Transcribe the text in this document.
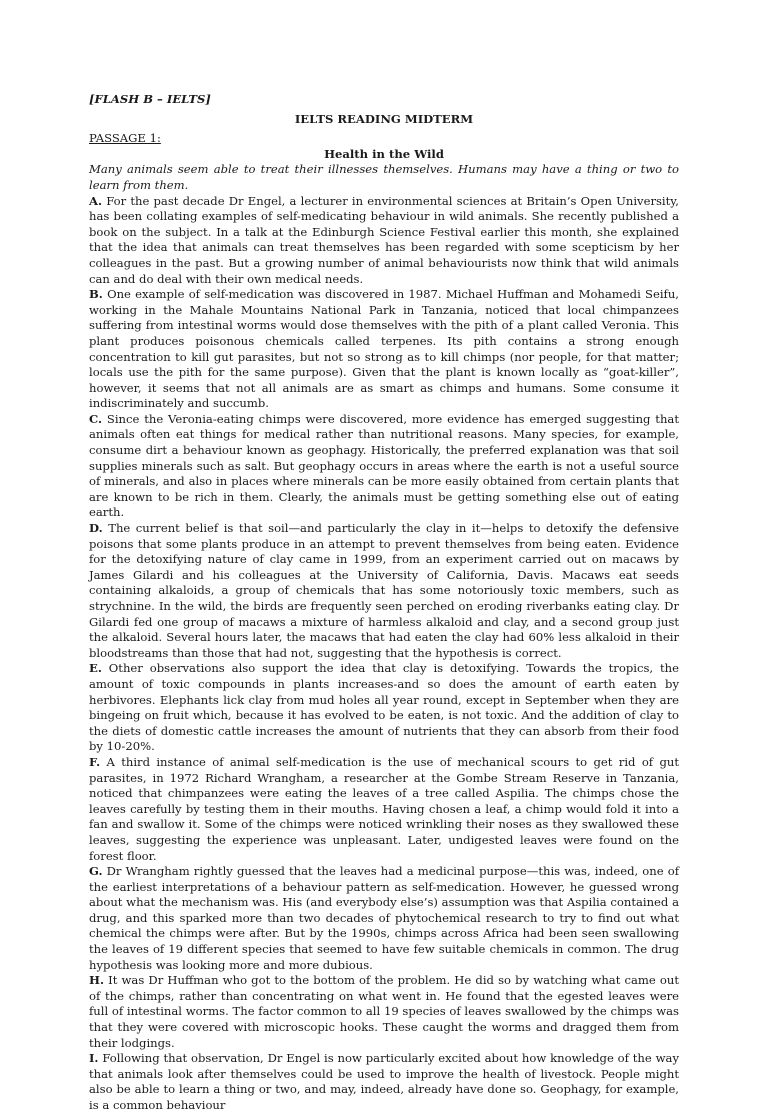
[FLASH B – IELTS]
IELTS READING MIDTERM
PASSAGE 1:
Health in the Wild
Many animals seem able to treat their illnesses themselves. Humans may have a thing or two to learn from them.

A. For the past decade Dr Engel, a lecturer in environmental sciences at Britain’s Open University, has been collating examples of self-medicating behaviour in wild animals. She recently published a book on the subject. In a talk at the Edinburgh Science Festival earlier this month, she explained that the idea that animals can treat themselves has been regarded with some scepticism by her colleagues in the past. But a growing number of animal behaviourists now think that wild animals can and do deal with their own medical needs.

B. One example of self-medication was discovered in 1987. Michael Huffman and Mohamedi Seifu, working in the Mahale Mountains National Park in Tanzania, noticed that local chimpanzees suffering from intestinal worms would dose themselves with the pith of a plant called Veronia. This plant produces poisonous chemicals called terpenes. Its pith contains a strong enough concentration to kill gut parasites, but not so strong as to kill chimps (nor people, for that matter; locals use the pith for the same purpose). Given that the plant is known locally as “goat-killer”, however, it seems that not all animals are as smart as chimps and humans. Some consume it indiscriminately and succumb.

C. Since the Veronia-eating chimps were discovered, more evidence has emerged suggesting that animals often eat things for medical rather than nutritional reasons. Many species, for example, consume dirt a behaviour known as geophagy. Historically, the preferred explanation was that soil supplies minerals such as salt. But geophagy occurs in areas where the earth is not a useful source of minerals, and also in places where minerals can be more easily obtained from certain plants that are known to be rich in them. Clearly, the animals must be getting something else out of eating earth.

D. The current belief is that soil—and particularly the clay in it—helps to detoxify the defensive poisons that some plants produce in an attempt to prevent themselves from being eaten. Evidence for the detoxifying nature of clay came in 1999, from an experiment carried out on macaws by James Gilardi and his colleagues at the University of California, Davis. Macaws eat seeds containing alkaloids, a group of chemicals that has some notoriously toxic members, such as strychnine. In the wild, the birds are frequently seen perched on eroding riverbanks eating clay. Dr Gilardi fed one group of macaws a mixture of harmless alkaloid and clay, and a second group just the alkaloid. Several hours later, the macaws that had eaten the clay had 60% less alkaloid in their bloodstreams than those that had not, suggesting that the hypothesis is correct.

E. Other observations also support the idea that clay is detoxifying. Towards the tropics, the amount of toxic compounds in plants increases-and so does the amount of earth eaten by herbivores. Elephants lick clay from mud holes all year round, except in September when they are bingeing on fruit which, because it has evolved to be eaten, is not toxic. And the addition of clay to the diets of domestic cattle increases the amount of nutrients that they can absorb from their food by 10-20%.

F. A third instance of animal self-medication is the use of mechanical scours to get rid of gut parasites, in 1972 Richard Wrangham, a researcher at the Gombe Stream Reserve in Tanzania, noticed that chimpanzees were eating the leaves of a tree called Aspilia. The chimps chose the leaves carefully by testing them in their mouths. Having chosen a leaf, a chimp would fold it into a fan and swallow it. Some of the chimps were noticed wrinkling their noses as they swallowed these leaves, suggesting the experience was unpleasant. Later, undigested leaves were found on the forest floor.

G. Dr Wrangham rightly guessed that the leaves had a medicinal purpose—this was, indeed, one of the earliest interpretations of a behaviour pattern as self-medication. However, he guessed wrong about what the mechanism was. His (and everybody else’s) assumption was that Aspilia contained a drug, and this sparked more than two decades of phytochemical research to try to find out what chemical the chimps were after. But by the 1990s, chimps across Africa had been seen swallowing the leaves of 19 different species that seemed to have few suitable chemicals in common. The drug hypothesis was looking more and more dubious.

H. It was Dr Huffman who got to the bottom of the problem. He did so by watching what came out of the chimps, rather than concentrating on what went in. He found that the egested leaves were full of intestinal worms. The factor common to all 19 species of leaves swallowed by the chimps was that they were covered with microscopic hooks. These caught the worms and dragged them from their lodgings.

I. Following that observation, Dr Engel is now particularly excited about how knowledge of the way that animals look after themselves could be used to improve the health of livestock. People might also be able to learn a thing or two, and may, indeed, already have done so. Geophagy, for example, is a common behaviour
